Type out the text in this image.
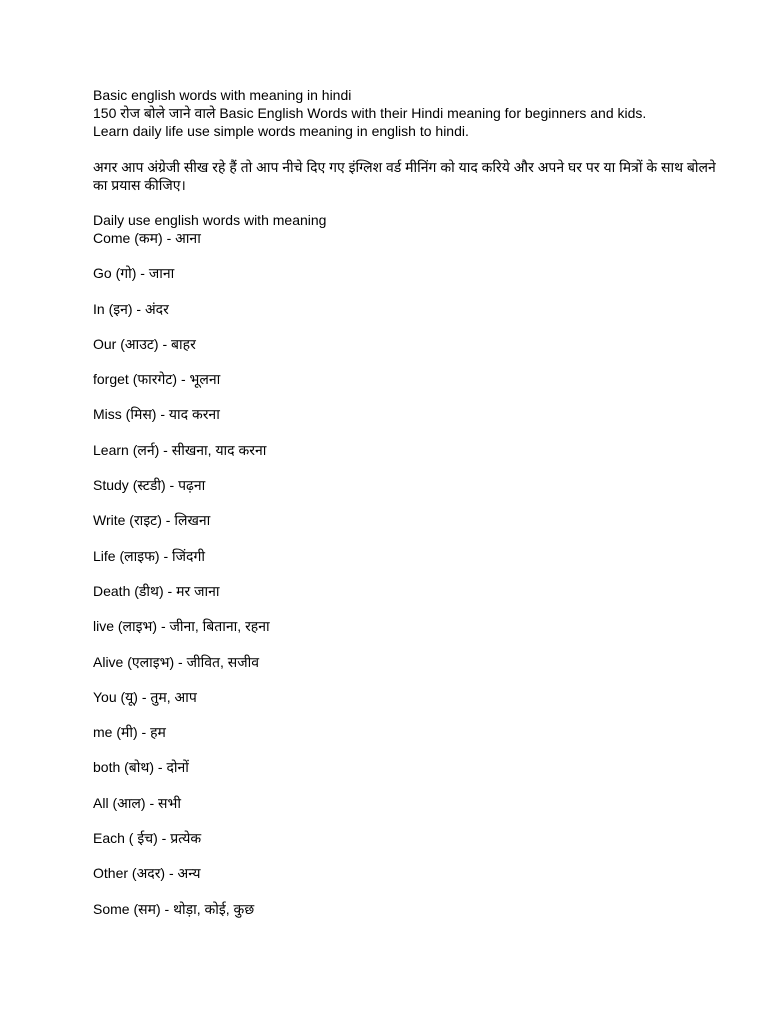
Basic english words with meaning in hindi

150 रोज बोले जाने वाले Basic English Words with their Hindi meaning for beginners and kids.

Learn daily life use simple words meaning in english to hindi.

अगर आप अंग्रेजी सीख रहे हैं तो आप नीचे दिए गए इंग्लिश वर्ड मीनिंग को याद करिये और अपने घर पर या मित्रों के साथ बोलने का प्रयास कीजिए।

Daily use english words with meaning

Come (कम) - आना
Go (गो) - जाना
In (इन) - अंदर
Our (आउट) - बाहर
forget (फारगेट) - भूलना
Miss (मिस) - याद करना
Learn (लर्न) - सीखना, याद करना
Study (स्टडी) - पढ़ना
Write (राइट) - लिखना
Life (लाइफ) - जिंदगी
Death (डीथ) - मर जाना
live (लाइभ) - जीना, बिताना, रहना
Alive (एलाइभ) - जीवित, सजीव
You (यू) - तुम, आप
me (मी) - हम
both (बोथ) - दोनों
All (आल) - सभी
Each ( ईच) - प्रत्येक
Other (अदर) - अन्य
Some (सम) - थोड़ा, कोई, कुछ
